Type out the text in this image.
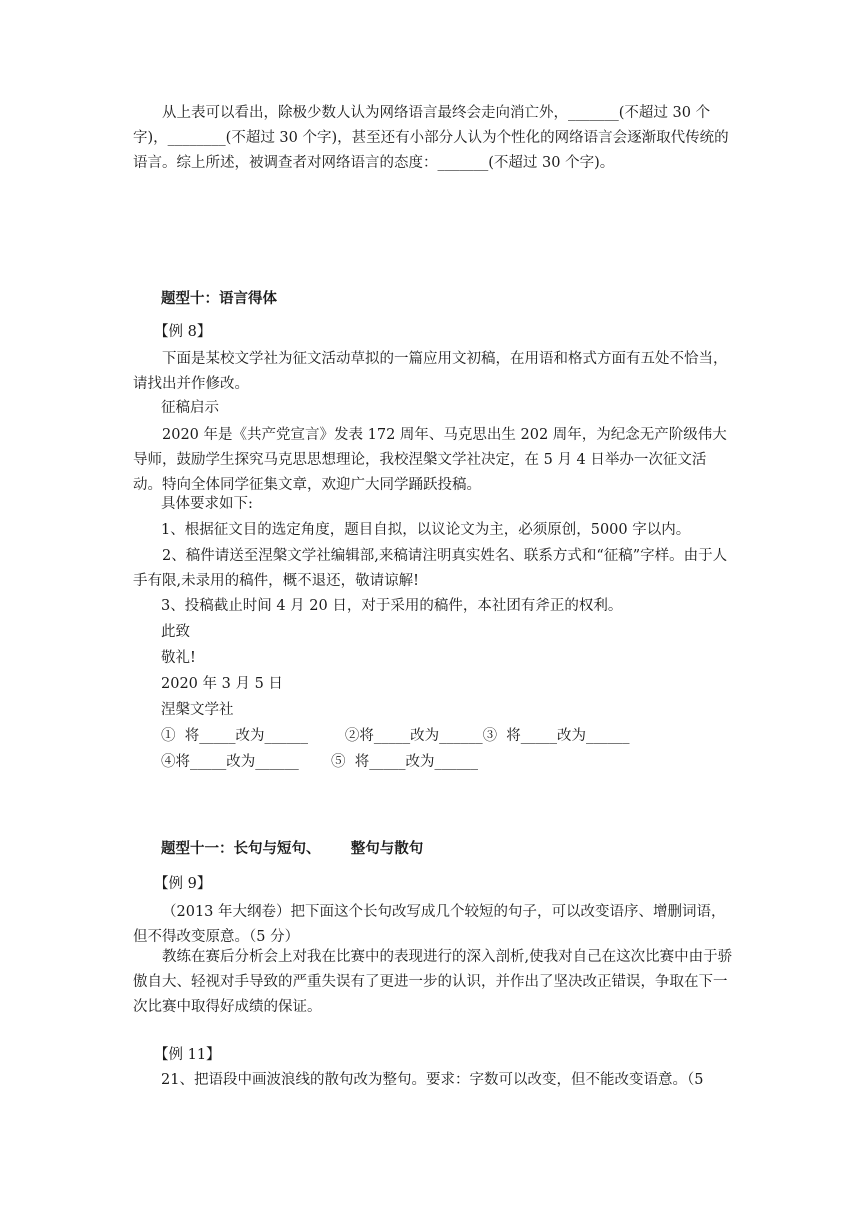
从上表可以看出，除极少数人认为网络语言最终会走向消亡外，_______(不超过 30 个字)，________(不超过 30 个字)，甚至还有小部分人认为个性化的网络语言会逐渐取代传统的语言。综上所述，被调查者对网络语言的态度：_______(不超过 30 个字)。

题型十：语言得体
【例 8】

下面是某校文学社为征文活动草拟的一篇应用文初稿，在用语和格式方面有五处不恰当，请找出并作修改。

征稿启示

2020 年是《共产党宣言》发表 172 周年、马克思出生 202 周年，为纪念无产阶级伟大导师，鼓励学生探究马克思思想理论，我校涅槃文学社决定，在 5 月 4 日举办一次征文活动。特向全体同学征集文章，欢迎广大同学踊跃投稿。

具体要求如下:
1、根据征文目的选定角度，题目自拟，以议论文为主，必须原创，5000 字以内。

2、稿件请送至涅槃文学社编辑部,来稿请注明真实姓名、联系方式和“征稿”字样。由于人手有限,未录用的稿件，概不退还，敬请谅解!

3、投稿截止时间 4 月 20 日，对于采用的稿件，本社团有斧正的权利。
此致
敬礼!
2020 年 3 月 5 日
涅槃文学社
①  将_____改为______        ②将_____改为______③  将_____改为______
④将_____改为______       ⑤  将_____改为______
题型十一：长句与短句、      整句与散句
【例 9】

（2013 年大纲卷）把下面这个长句改写成几个较短的句子，可以改变语序、增删词语，但不得改变原意。（5 分）

教练在赛后分析会上对我在比赛中的表现进行的深入剖析,使我对自己在这次比赛中由于骄傲自大、轻视对手导致的严重失误有了更进一步的认识，并作出了坚决改正错误，争取在下一次比赛中取得好成绩的保证。

【例 11】
21、把语段中画波浪线的散句改为整句。要求：字数可以改变，但不能改变语意。（5
